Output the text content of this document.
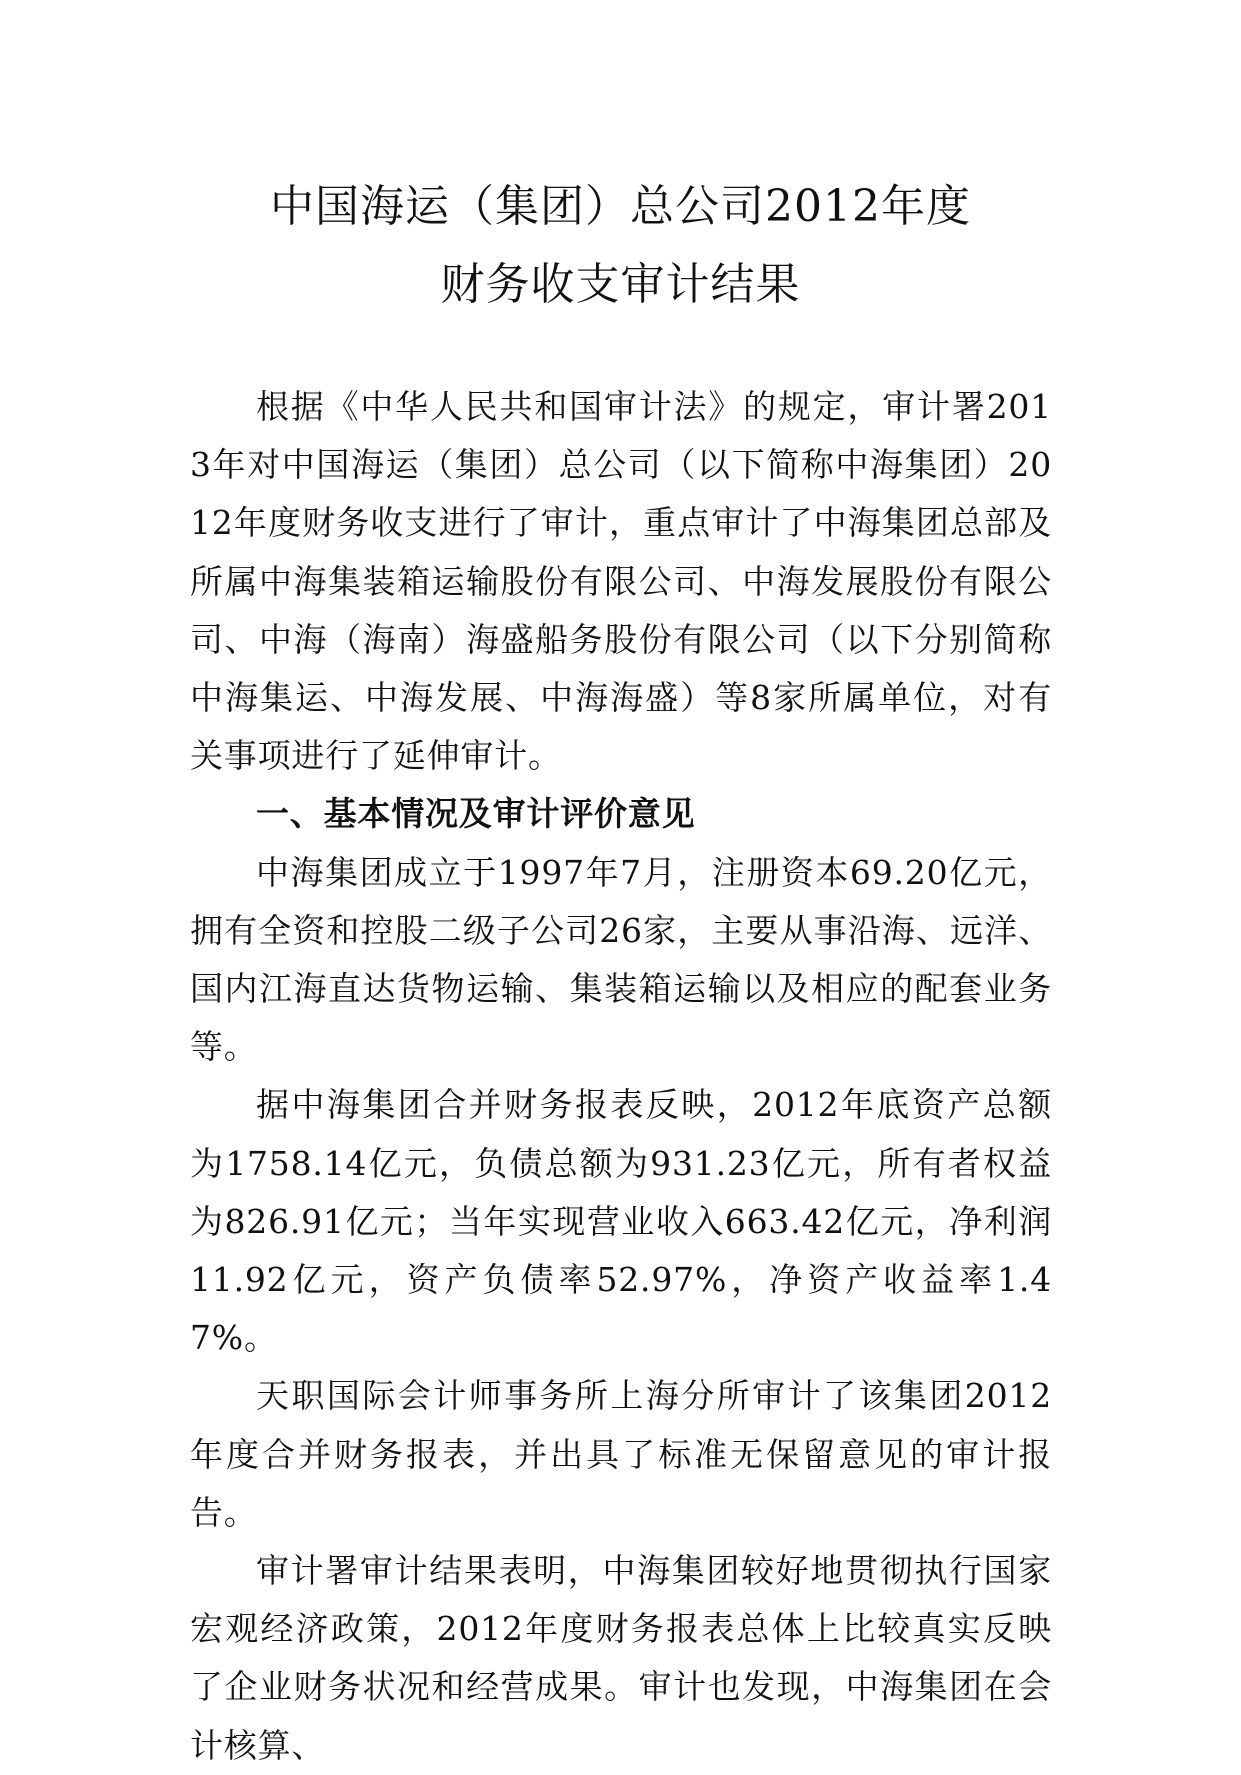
中国海运（集团）总公司2012年度
财务收支审计结果

根据《中华人民共和国审计法》的规定，审计署2013年对中国海运（集团）总公司（以下简称中海集团）2012年度财务收支进行了审计，重点审计了中海集团总部及所属中海集装箱运输股份有限公司、中海发展股份有限公司、中海（海南）海盛船务股份有限公司（以下分别简称中海集运、中海发展、中海海盛）等8家所属单位，对有关事项进行了延伸审计。

一、基本情况及审计评价意见

中海集团成立于1997年7月，注册资本69.20亿元，拥有全资和控股二级子公司26家，主要从事沿海、远洋、国内江海直达货物运输、集装箱运输以及相应的配套业务等。

据中海集团合并财务报表反映，2012年底资产总额为1758.14亿元，负债总额为931.23亿元，所有者权益为826.91亿元；当年实现营业收入663.42亿元，净利润11.92亿元，资产负债率52.97%，净资产收益率1.47%。

天职国际会计师事务所上海分所审计了该集团2012年度合并财务报表，并出具了标准无保留意见的审计报告。

审计署审计结果表明，中海集团较好地贯彻执行国家宏观经济政策，2012年度财务报表总体上比较真实反映了企业财务状况和经营成果。审计也发现，中海集团在会计核算、
